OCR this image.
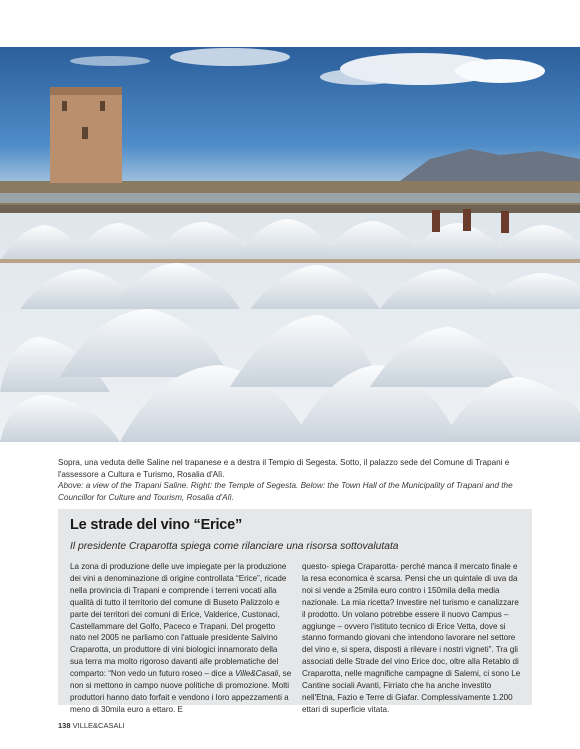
Sopra, una veduta delle Saline nel trapanese e a destra il Tempio di Segesta. Sotto, il palazzo sede del Comune di Trapani e l'assessore a Cultura e Turismo, Rosalia d'Alì.
Above: a view of the Trapani Saline. Right: the Temple of Segesta. Below: the Town Hall of the Municipality of Trapani and the Councillor for Culture and Tourism, Rosalia d'Alì.
Le strade del vino “Erice”

Il presidente Craparotta spiega come rilanciare una risorsa sottovalutata

La zona di produzione delle uve impiegate per la produzione dei vini a denominazione di origine controllata “Erice”, ricade nella provincia di Trapani e comprende i terreni vocati alla qualità di tutto il territorio del comune di Buseto Palizzolo e parte dei territori dei comuni di Erice, Valderice, Custonaci, Castellammare del Golfo, Paceco e Trapani. Del progetto nato nel 2005 ne parliamo con l'attuale presidente Salvino Craparotta, un produttore di vini biologici innamorato della sua terra ma molto rigoroso davanti alle problematiche del comparto: “Non vedo un futuro roseo – dice a Ville&Casali, se non si mettono in campo nuove politiche di promozione. Molti produttori hanno dato forfait e vendono i loro appezzamenti a meno di 30mila euro a ettaro. E

questo- spiega Craparotta- perché manca il mercato finale e la resa economica è scarsa. Pensi che un quintale di uva da noi si vende a 25mila euro contro i 150mila della media nazionale. La mia ricetta? Investire nel turismo e canalizzare il prodotto. Un volano potrebbe essere il nuovo Campus – aggiunge – ovvero l'istituto tecnico di Erice Vetta, dove si stanno formando giovani che intendono lavorare nel settore del vino e, si spera, disposti a rilevare i nostri vigneti”. Tra gli associati delle Strade del vino Erice doc, oltre alla Retablo di Craparotta, nelle magnifiche campagne di Salemi, ci sono Le Cantine sociali Avanti, Firriato che ha anche investito nell'Etna, Fazio e Terre di Giafar. Complessivamente 1.200 ettari di superficie vitata.

138 VILLE&CASALI
